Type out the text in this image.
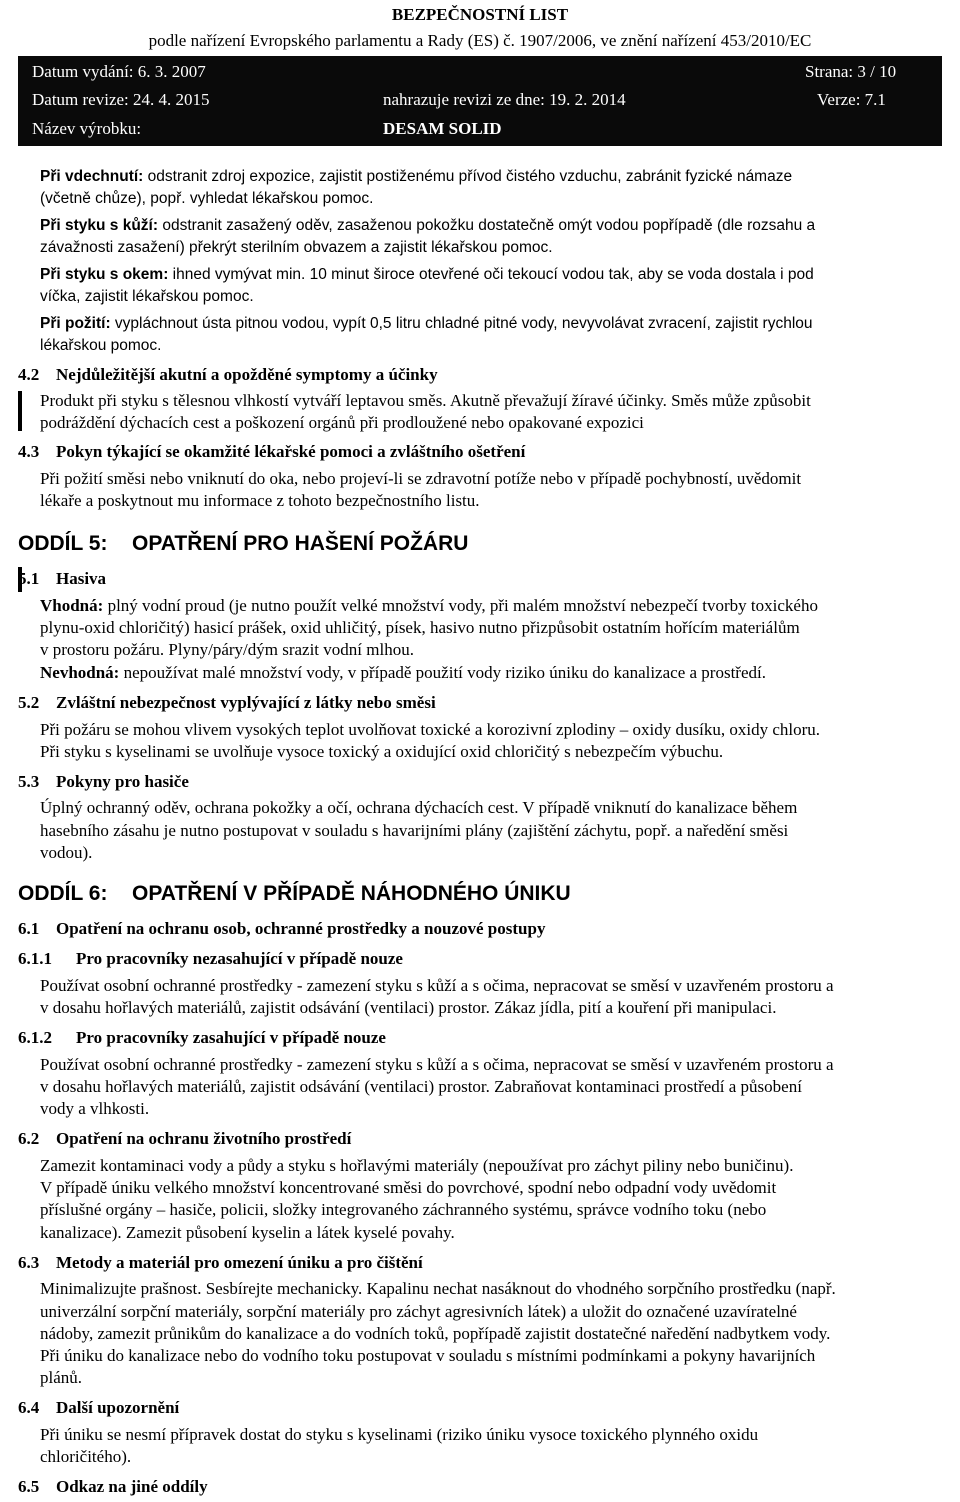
BEZPEČNOSTNÍ LIST
podle nařízení Evropského parlamentu a Rady (ES) č. 1907/2006, ve znění nařízení 453/2010/EC
Datum vydání: 6. 3. 2007	Strana: 3 / 10
Datum revize: 24. 4. 2015	nahrazuje revizi ze dne: 19. 2. 2014	Verze: 7.1
Název výrobku:	DESAM SOLID
Při vdechnutí: odstranit zdroj expozice, zajistit postiženému přívod čistého vzduchu, zabránit fyzické námaze
(včetně chůze), popř. vyhledat lékařskou pomoc.
Při styku s kůží: odstranit zasažený oděv, zasaženou pokožku dostatečně omýt vodou popřípadě (dle rozsahu a
závažnosti zasažení) překrýt sterilním obvazem a zajistit lékařskou pomoc.
Při styku s okem: ihned vymývat min. 10 minut široce otevřené oči tekoucí vodou tak, aby se voda dostala i pod
víčka, zajistit lékařskou pomoc.
Při požití: vypláchnout ústa pitnou vodou, vypít 0,5 litru chladné pitné vody, nevyvolávat zvracení, zajistit rychlou
lékařskou pomoc.
4.2 Nejdůležitější akutní a opožděné symptomy a účinky
Produkt při styku s tělesnou vlhkostí vytváří leptavou směs. Akutně převažují žíravé účinky. Směs může způsobit
podráždění dýchacích cest a poškození orgánů při prodloužené nebo opakované expozici
4.3 Pokyn týkající se okamžité lékařské pomoci a zvláštního ošetření
Při požití směsi nebo vniknutí do oka, nebo projeví-li se zdravotní potíže nebo v případě pochybností, uvědomit
lékaře a poskytnout mu informace z tohoto bezpečnostního listu.
ODDÍL 5: OPATŘENÍ PRO HAŠENÍ POŽÁRU
5.1 Hasiva
Vhodná: plný vodní proud (je nutno použít velké množství vody, při malém množství nebezpečí tvorby toxického
plynu-oxid chloričitý) hasicí prášek, oxid uhličitý, písek, hasivo nutno přizpůsobit ostatním hořícím materiálům
v prostoru požáru. Plyny/páry/dým srazit vodní mlhou.
Nevhodná: nepoužívat malé množství vody, v případě použití vody riziko úniku do kanalizace a prostředí.
5.2 Zvláštní nebezpečnost vyplývající z látky nebo směsi
Při požáru se mohou vlivem vysokých teplot uvolňovat toxické a korozivní zplodiny – oxidy dusíku, oxidy chloru.
Při styku s kyselinami se uvolňuje vysoce toxický a oxidující oxid chloričitý s nebezpečím výbuchu.
5.3 Pokyny pro hasiče
Úplný ochranný oděv, ochrana pokožky a očí, ochrana dýchacích cest. V případě vniknutí do kanalizace během
hasebního zásahu je nutno postupovat v souladu s havarijními plány (zajištění záchytu, popř. a naředění směsi
vodou).
ODDÍL 6: OPATŘENÍ V PŘÍPADĚ NÁHODNÉHO ÚNIKU
6.1 Opatření na ochranu osob, ochranné prostředky a nouzové postupy
6.1.1 Pro pracovníky nezasahující v případě nouze
Používat osobní ochranné prostředky - zamezení styku s kůží a s očima, nepracovat se směsí v uzavřeném prostoru a
v dosahu hořlavých materiálů, zajistit odsávání (ventilaci) prostor. Zákaz jídla, pití a kouření při manipulaci.
6.1.2 Pro pracovníky zasahující v případě nouze
Používat osobní ochranné prostředky - zamezení styku s kůží a s očima, nepracovat se směsí v uzavřeném prostoru a
v dosahu hořlavých materiálů, zajistit odsávání (ventilaci) prostor. Zabraňovat kontaminaci prostředí a působení
vody a vlhkosti.
6.2 Opatření na ochranu životního prostředí
Zamezit kontaminaci vody a půdy a styku s hořlavými materiály (nepoužívat pro záchyt piliny nebo buničinu).
V případě úniku velkého množství koncentrované směsi do povrchové, spodní nebo odpadní vody uvědomit
příslušné orgány – hasiče, policii, složky integrovaného záchranného systému, správce vodního toku (nebo
kanalizace). Zamezit působení kyselin a látek kyselé povahy.
6.3 Metody a materiál pro omezení úniku a pro čištění
Minimalizujte prašnost. Sesbírejte mechanicky. Kapalinu nechat nasáknout do vhodného sorpčního prostředku (např.
univerzální sorpční materiály, sorpční materiály pro záchyt agresivních látek) a uložit do označené uzavíratelné
nádoby, zamezit průnikům do kanalizace a do vodních toků, popřípadě zajistit dostatečné naředění nadbytkem vody.
Při úniku do kanalizace nebo do vodního toku postupovat v souladu s místními podmínkami a pokyny havarijních
plánů.
6.4 Další upozornění
Při úniku se nesmí přípravek dostat do styku s kyselinami (riziko úniku vysoce toxického plynného oxidu
chloričitého).
6.5 Odkaz na jiné oddíly
